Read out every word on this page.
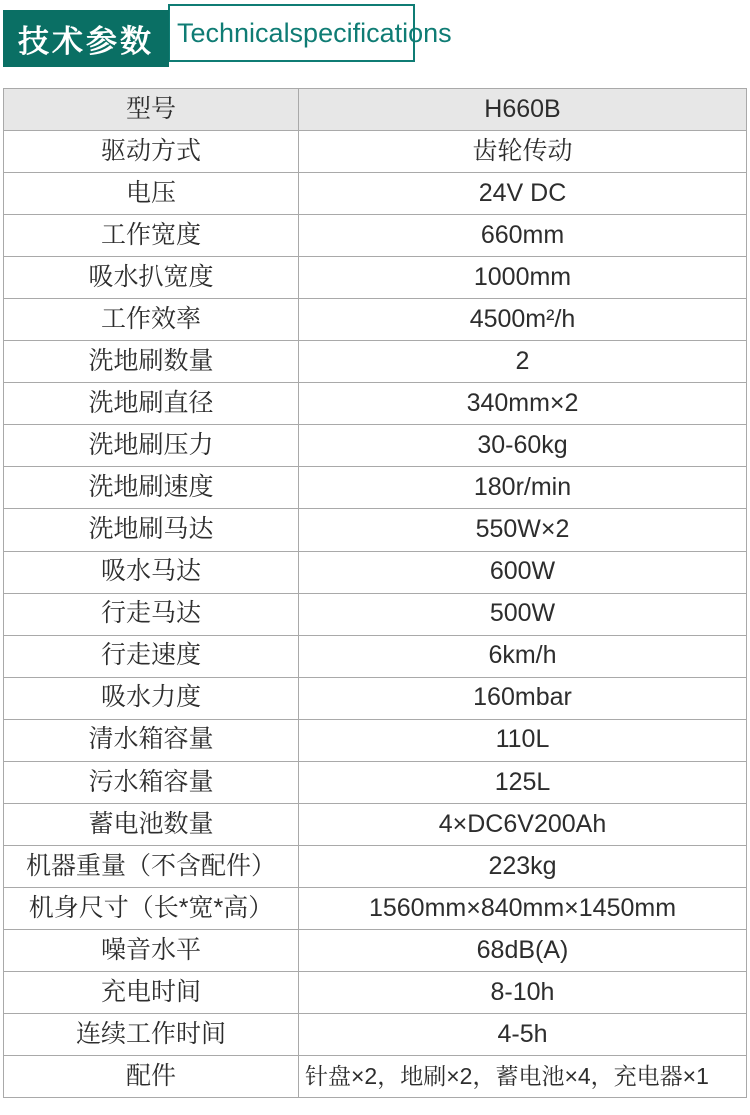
技术参数 Technicalspecifications
型号	H660B
驱动方式	齿轮传动
电压	24V DC
工作宽度	660mm
吸水扒宽度	1000mm
工作效率	4500m²/h
洗地刷数量	2
洗地刷直径	340mm×2
洗地刷压力	30-60kg
洗地刷速度	180r/min
洗地刷马达	550W×2
吸水马达	600W
行走马达	500W
行走速度	6km/h
吸水力度	160mbar
清水箱容量	110L
污水箱容量	125L
蓄电池数量	4×DC6V200Ah
机器重量（不含配件）	223kg
机身尺寸（长*宽*高）	1560mm×840mm×1450mm
噪音水平	68dB(A)
充电时间	8-10h
连续工作时间	4-5h
配件	针盘×2，地刷×2，蓄电池×4，充电器×1
